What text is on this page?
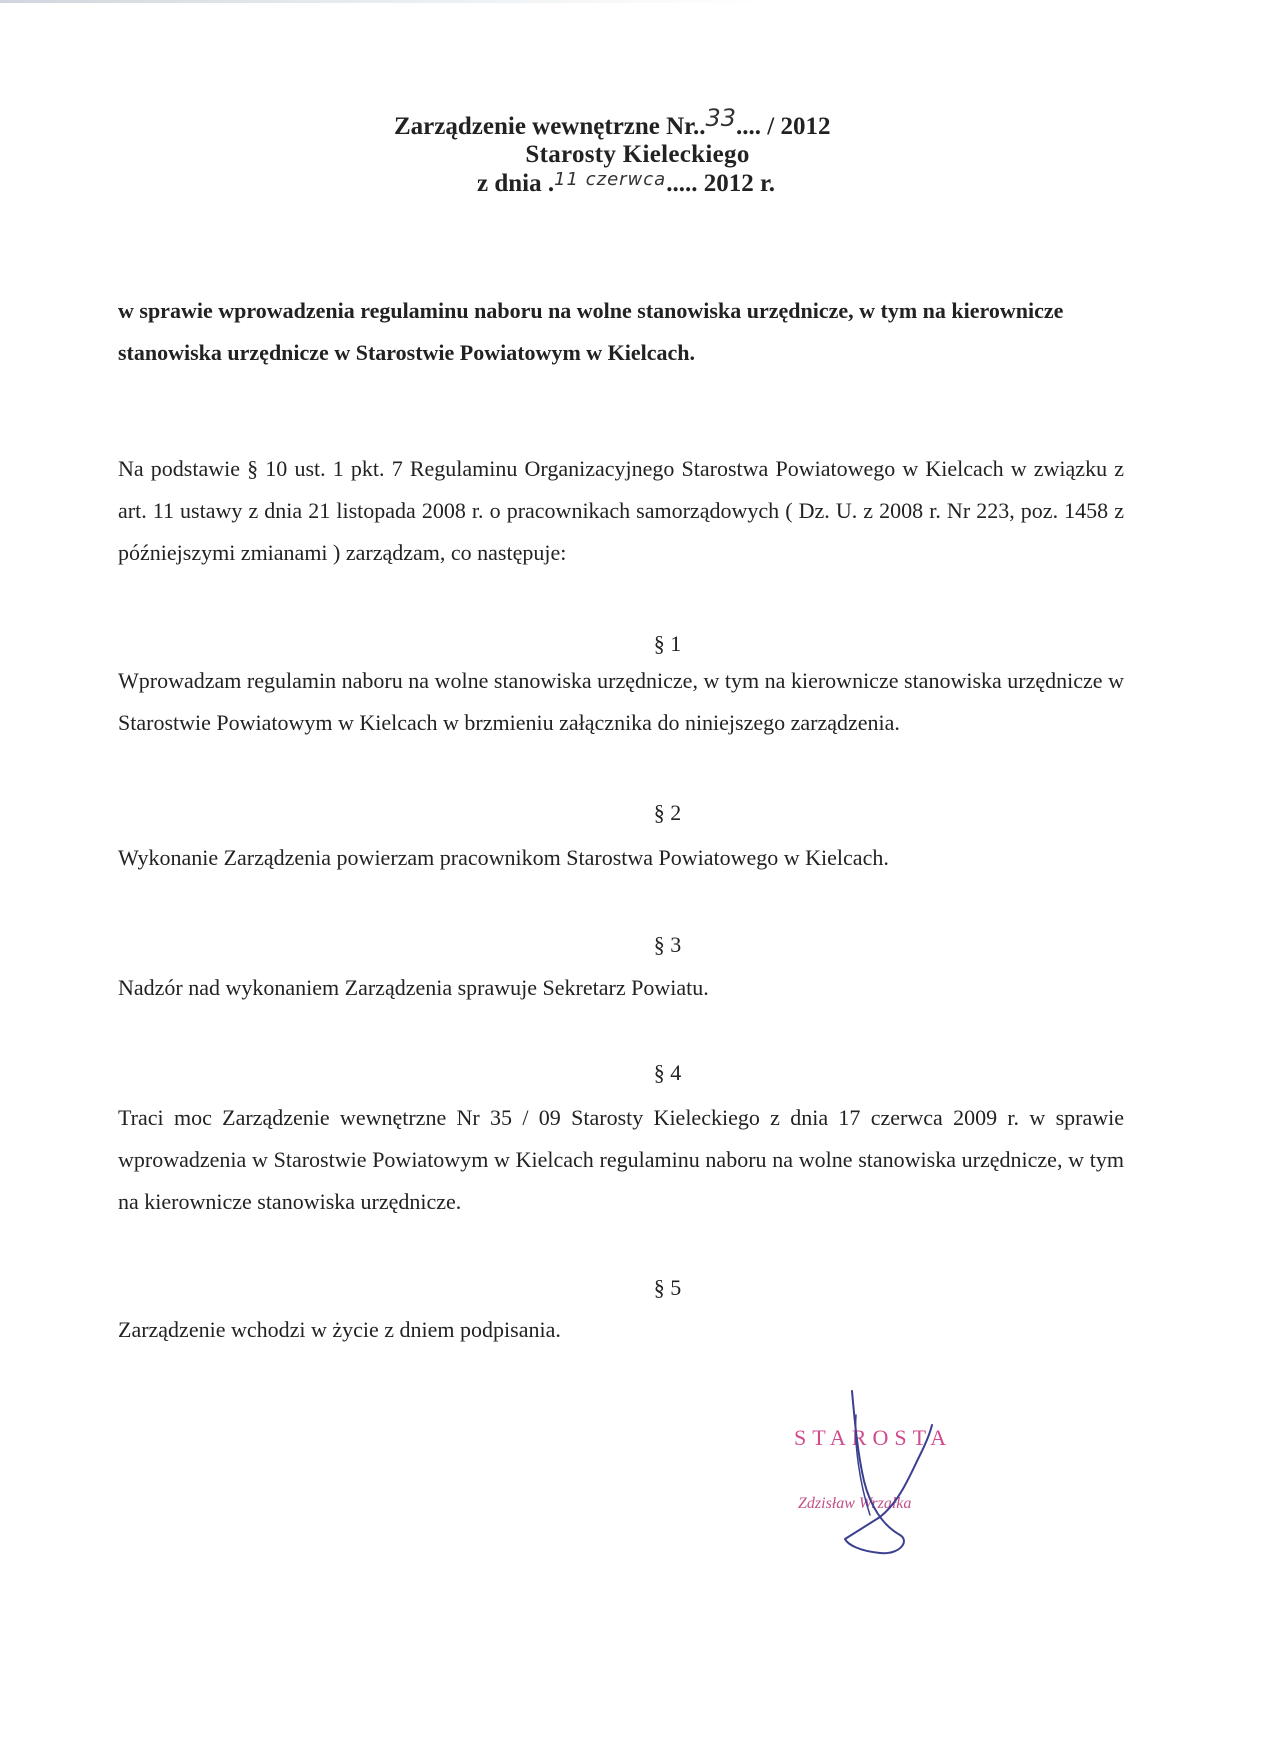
Zarządzenie wewnętrzne Nr..33.... / 2012
Starosty Kieleckiego
z dnia .11 czerwca..... 2012 r.
w sprawie wprowadzenia regulaminu naboru na wolne stanowiska urzędnicze, w tym na kierownicze stanowiska urzędnicze w Starostwie Powiatowym w Kielcach.
Na podstawie § 10 ust. 1 pkt. 7 Regulaminu Organizacyjnego Starostwa Powiatowego w Kielcach w związku z art. 11 ustawy z dnia 21 listopada 2008 r. o pracownikach samorządowych ( Dz. U. z 2008 r. Nr 223, poz. 1458 z późniejszymi zmianami ) zarządzam, co następuje:
§ 1
Wprowadzam regulamin naboru na wolne stanowiska urzędnicze, w tym na kierownicze stanowiska urzędnicze w Starostwie Powiatowym w Kielcach w brzmieniu załącznika do niniejszego zarządzenia.
§ 2
Wykonanie Zarządzenia powierzam pracownikom Starostwa Powiatowego w Kielcach.
§ 3
Nadzór nad wykonaniem Zarządzenia sprawuje Sekretarz Powiatu.
§ 4
Traci moc Zarządzenie wewnętrzne Nr 35 / 09 Starosty Kieleckiego z dnia 17 czerwca 2009 r. w sprawie wprowadzenia w Starostwie Powiatowym w Kielcach regulaminu naboru na wolne stanowiska urzędnicze, w tym na kierownicze stanowiska urzędnicze.
§ 5
Zarządzenie wchodzi w życie z dniem podpisania.
STAROSTA
Zdzisław Wrzałka
